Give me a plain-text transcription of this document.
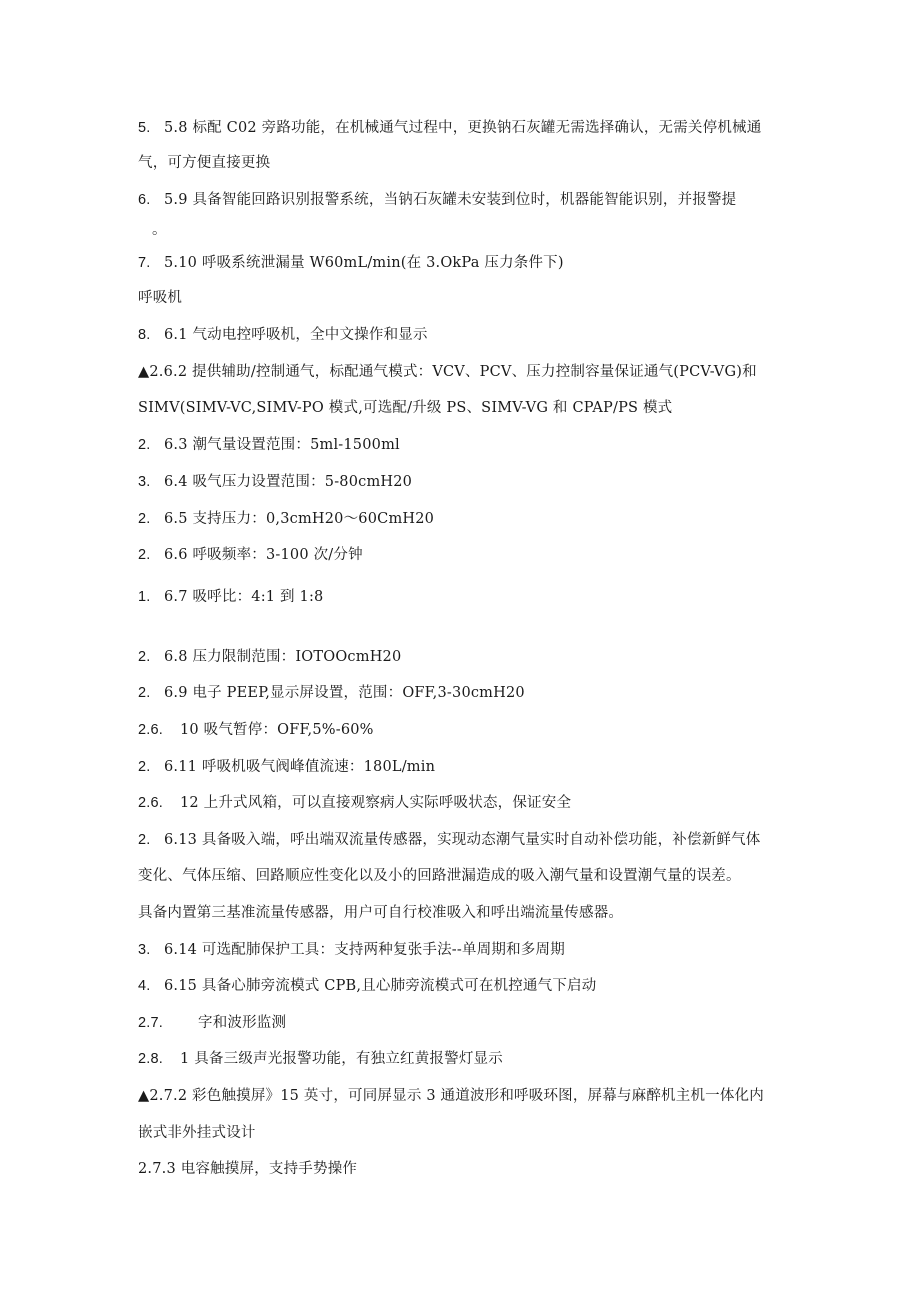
5. 5.8 标配 C02 旁路功能，在机械通气过程中，更换钠石灰罐无需选择确认，无需关停机械通
气，可方便直接更换
6. 5.9 具备智能回路识别报警系统，当钠石灰罐未安装到位时，机器能智能识别，并报警提
。
7. 5.10 呼吸系统泄漏量 W60mL/min(在 3.OkPa 压力条件下)
呼吸机
8. 6.1 气动电控呼吸机，全中文操作和显示
▲2.6.2 提供辅助/控制通气，标配通气模式：VCV、PCV、压力控制容量保证通气(PCV-VG)和
SIMV(SIMV-VC,SIMV-PO 模式,可选配/升级 PS、SIMV-VG 和 CPAP/PS 模式
2. 6.3 潮气量设置范围：5ml-1500ml
3. 6.4 吸气压力设置范围：5-80cmH20
2. 6.5 支持压力：0,3cmH20～60CmH20
2. 6.6 呼吸频率：3-100 次/分钟
1. 6.7 吸呼比：4:1 到 1:8
2. 6.8 压力限制范围：IOTOOcmH20
2. 6.9 电子 PEEP,显示屏设置，范围：OFF,3-30cmH20
2.6. 10 吸气暂停：OFF,5%-60%
2. 6.11 呼吸机吸气阀峰值流速：180L/min
2.6. 12 上升式风箱，可以直接观察病人实际呼吸状态，保证安全
2. 6.13 具备吸入端，呼出端双流量传感器，实现动态潮气量实时自动补偿功能，补偿新鲜气体
变化、气体压缩、回路顺应性变化以及小的回路泄漏造成的吸入潮气量和设置潮气量的误差。
具备内置第三基准流量传感器，用户可自行校准吸入和呼出端流量传感器。
3. 6.14 可选配肺保护工具：支持两种复张手法--单周期和多周期
4. 6.15 具备心肺旁流模式 CPB,且心肺旁流模式可在机控通气下启动
2.7. 字和波形监测
2.8. 1 具备三级声光报警功能，有独立红黄报警灯显示
▲2.7.2 彩色触摸屏》15 英寸，可同屏显示 3 通道波形和呼吸环图，屏幕与麻醉机主机一体化内
嵌式非外挂式设计
2.7.3 电容触摸屏，支持手势操作
